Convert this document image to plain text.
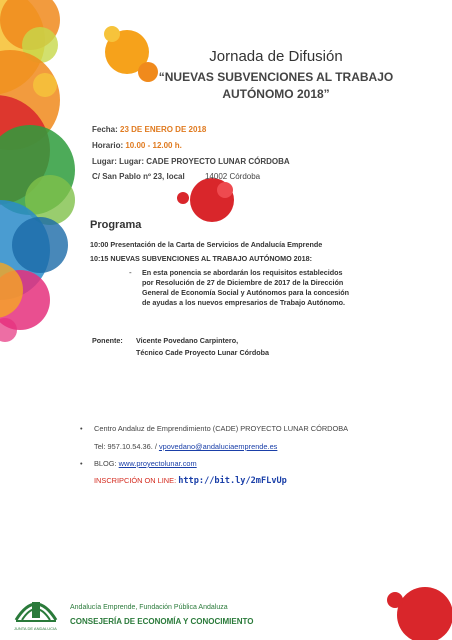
Jornada de Difusión
“NUEVAS SUBVENCIONES AL TRABAJO
AUTÓNOMO 2018”
Fecha: 23 DE ENERO DE 2018
Horario: 10.00 - 12.00 h.
Lugar: Lugar: CADE PROYECTO LUNAR CÓRDOBA
C/ San Pablo nº 23, local	14002 Córdoba
Programa
10:00 Presentación de la Carta de Servicios de Andalucía Emprende
10:15 NUEVAS SUBVENCIONES AL TRABAJO AUTÓNOMO 2018:
- En esta ponencia se abordarán los requisitos establecidos
por Resolución de 27 de Diciembre de 2017 de la Dirección
General de Economía Social y Autónomos para la concesión
de ayudas a los nuevos empresarios de Trabajo Autónomo.
Ponente: Vicente Povedano Carpintero,
Técnico Cade Proyecto Lunar Córdoba
• Centro Andaluz de Emprendimiento (CADE) PROYECTO LUNAR CÓRDOBA
Tel: 957.10.54.36. / vpovedano@andaluciaemprende.es
• BLOG: www.proyectolunar.com
INSCRIPCIÓN ON LINE: http://bit.ly/2mFLvUp
JUNTA DE ANDALUCIA
Andalucía Emprende, Fundación Pública Andaluza
CONSEJERÍA DE ECONOMÍA Y CONOCIMIENTO
